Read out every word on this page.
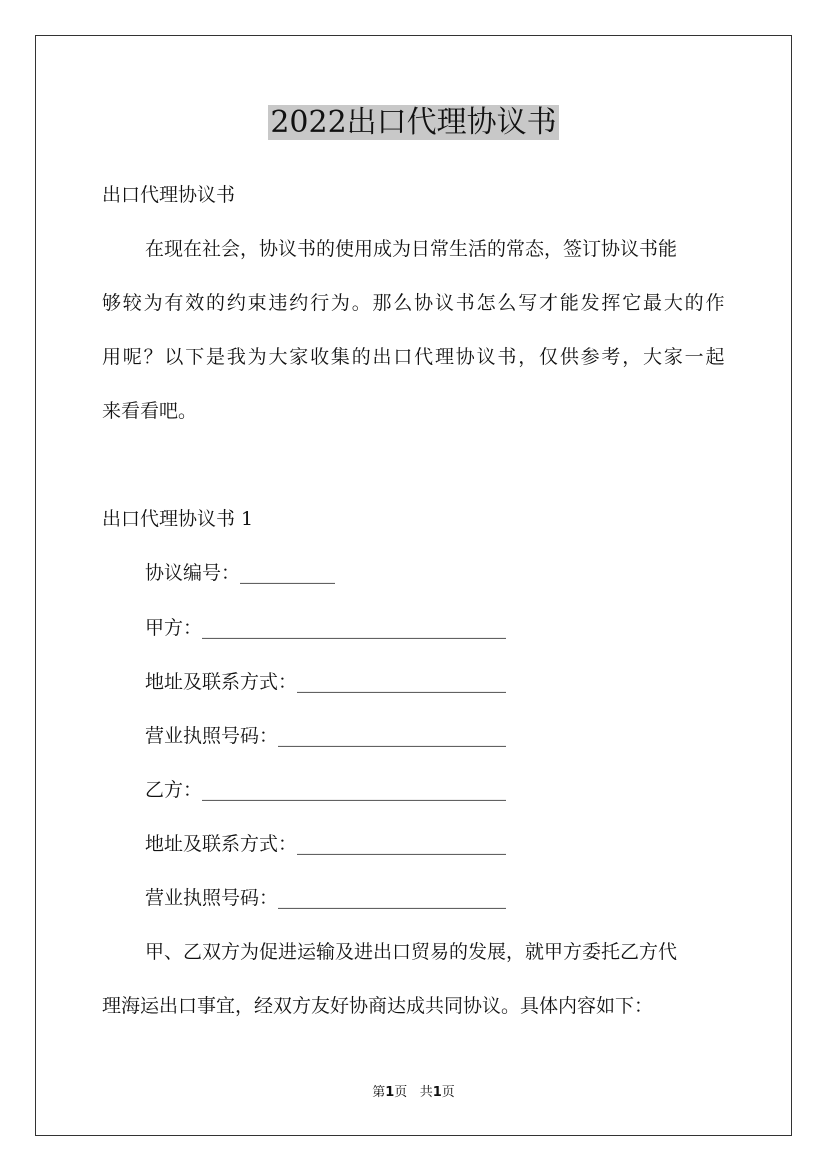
2022出口代理协议书
出口代理协议书
在现在社会，协议书的使用成为日常生活的常态，签订协议书能
够较为有效的约束违约行为。那么协议书怎么写才能发挥它最大的作
用呢？以下是我为大家收集的出口代理协议书，仅供参考，大家一起
来看看吧。
出口代理协议书 1
协议编号：__________
甲方：________________________________
地址及联系方式：______________________
营业执照号码：________________________
乙方：________________________________
地址及联系方式：______________________
营业执照号码：________________________
甲、乙双方为促进运输及进出口贸易的发展，就甲方委托乙方代
理海运出口事宜，经双方友好协商达成共同协议。具体内容如下：
第1页 共1页
